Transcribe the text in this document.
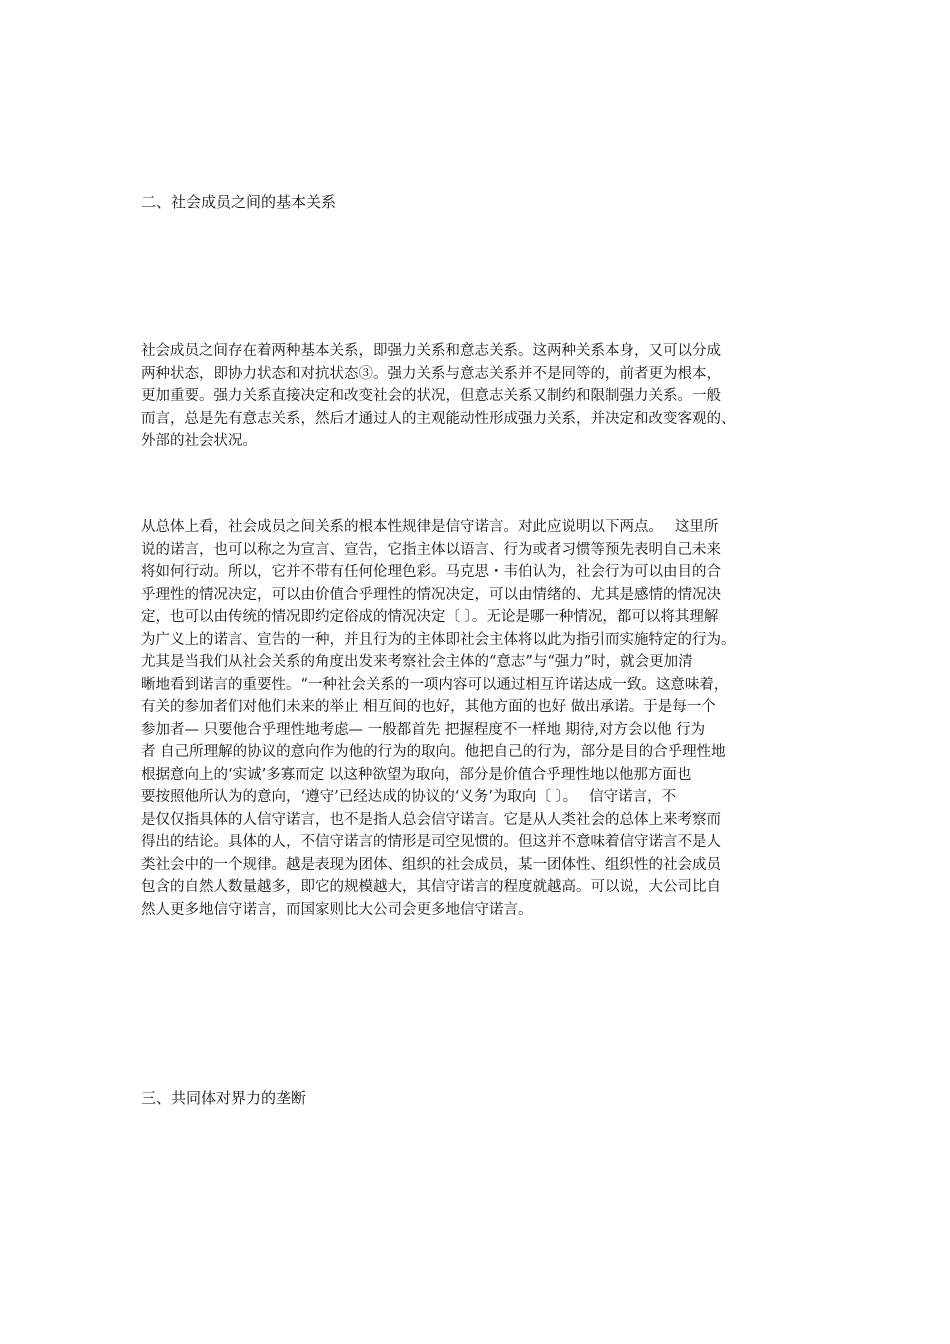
二、社会成员之间的基本关系
社会成员之间存在着两种基本关系，即强力关系和意志关系。这两种关系本身，又可以分成
两种状态，即协力状态和对抗状态③。强力关系与意志关系并不是同等的，前者更为根本，
更加重要。强力关系直接决定和改变社会的状况，但意志关系又制约和限制强力关系。一般
而言，总是先有意志关系，然后才通过人的主观能动性形成强力关系，并决定和改变客观的、
外部的社会状况。
从总体上看，社会成员之间关系的根本性规律是信守诺言。对此应说明以下两点。　 这里所
说的诺言，也可以称之为宣言、宣告，它指主体以语言、行为或者习惯等预先表明自己未来
将如何行动。所以，它并不带有任何伦理色彩。马克思・韦伯认为，社会行为可以由目的合
乎理性的情况决定，可以由价值合乎理性的情况决定，可以由情绪的、尤其是感情的情况决
定，也可以由传统的情况即约定俗成的情况决定〔 〕。无论是哪一种情况，都可以将其理解
为广义上的诺言、宣告的一种，并且行为的主体即社会主体将以此为指引而实施特定的行为。
尤其是当我们从社会关系的角度出发来考察社会主体的“意志”与“强力”时，就会更加清
晰地看到诺言的重要性。“一种社会关系的一项内容可以通过相互许诺达成一致。这意味着，
有关的参加者们对他们未来的举止 相互间的也好，其他方面的也好 做出承诺。于是每一个
参加者— 只要他合乎理性地考虑— 一般都首先 把握程度不一样地 期待,对方会以他 行为
者 自己所理解的协议的意向作为他的行为的取向。他把自己的行为，部分是目的合乎理性地
根据意向上的‘实诚’多寡而定 以这种欲望为取向，部分是价值合乎理性地以他那方面也
要按照他所认为的意向，‘遵守’已经达成的协议的‘义务’为取向〔 〕。　 信守诺言，不
是仅仅指具体的人信守诺言，也不是指人总会信守诺言。它是从人类社会的总体上来考察而
得出的结论。具体的人，不信守诺言的情形是司空见惯的。但这并不意味着信守诺言不是人
类社会中的一个规律。越是表现为团体、组织的社会成员，某一团体性、组织性的社会成员
包含的自然人数量越多，即它的规模越大，其信守诺言的程度就越高。可以说，大公司比自
然人更多地信守诺言，而国家则比大公司会更多地信守诺言。
三、共同体对界力的垄断
